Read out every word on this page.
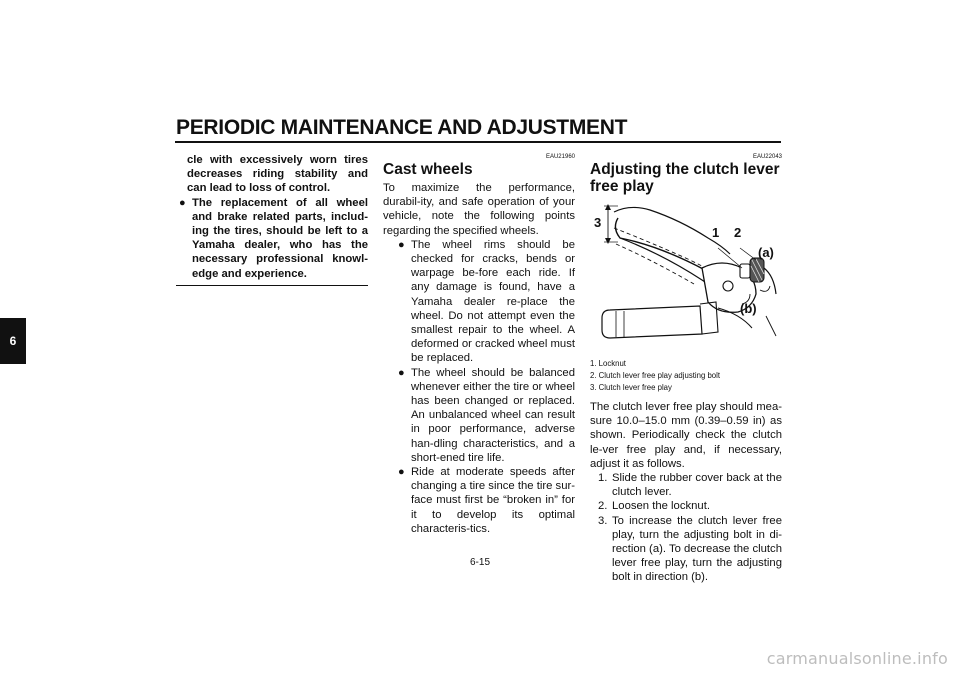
PERIODIC MAINTENANCE AND ADJUSTMENT
6

cle with excessively worn tires decreases riding stability and can lead to loss of control.

● The replacement of all wheel and brake related parts, includ-ing the tires, should be left to a Yamaha dealer, who has the necessary professional knowl-edge and experience.

EAU21960

Cast wheels

To maximize the performance, durabil-ity, and safe operation of your vehicle, note the following points regarding the specified wheels.

● The wheel rims should be checked for cracks, bends or warpage be-fore each ride. If any damage is found, have a Yamaha dealer re-place the wheel. Do not attempt even the smallest repair to the wheel. A deformed or cracked wheel must be replaced.
● The wheel should be balanced whenever either the tire or wheel has been changed or replaced. An unbalanced wheel can result in poor performance, adverse han-dling characteristics, and a short-ened tire life.
● Ride at moderate speeds after changing a tire since the tire sur-face must first be “broken in” for it to develop its optimal characteris-tics.

EAU22043

Adjusting the clutch lever free play
3
1 2
(a)
(b)
1. Locknut
2. Clutch lever free play adjusting bolt
3. Clutch lever free play

The clutch lever free play should mea-sure 10.0–15.0 mm (0.39–0.59 in) as shown. Periodically check the clutch le-ver free play and, if necessary, adjust it as follows.

1. Slide the rubber cover back at the clutch lever.
2. Loosen the locknut.
3. To increase the clutch lever free play, turn the adjusting bolt in di-rection (a). To decrease the clutch lever free play, turn the adjusting bolt in direction (b).
6-15
carmanualsonline.info
